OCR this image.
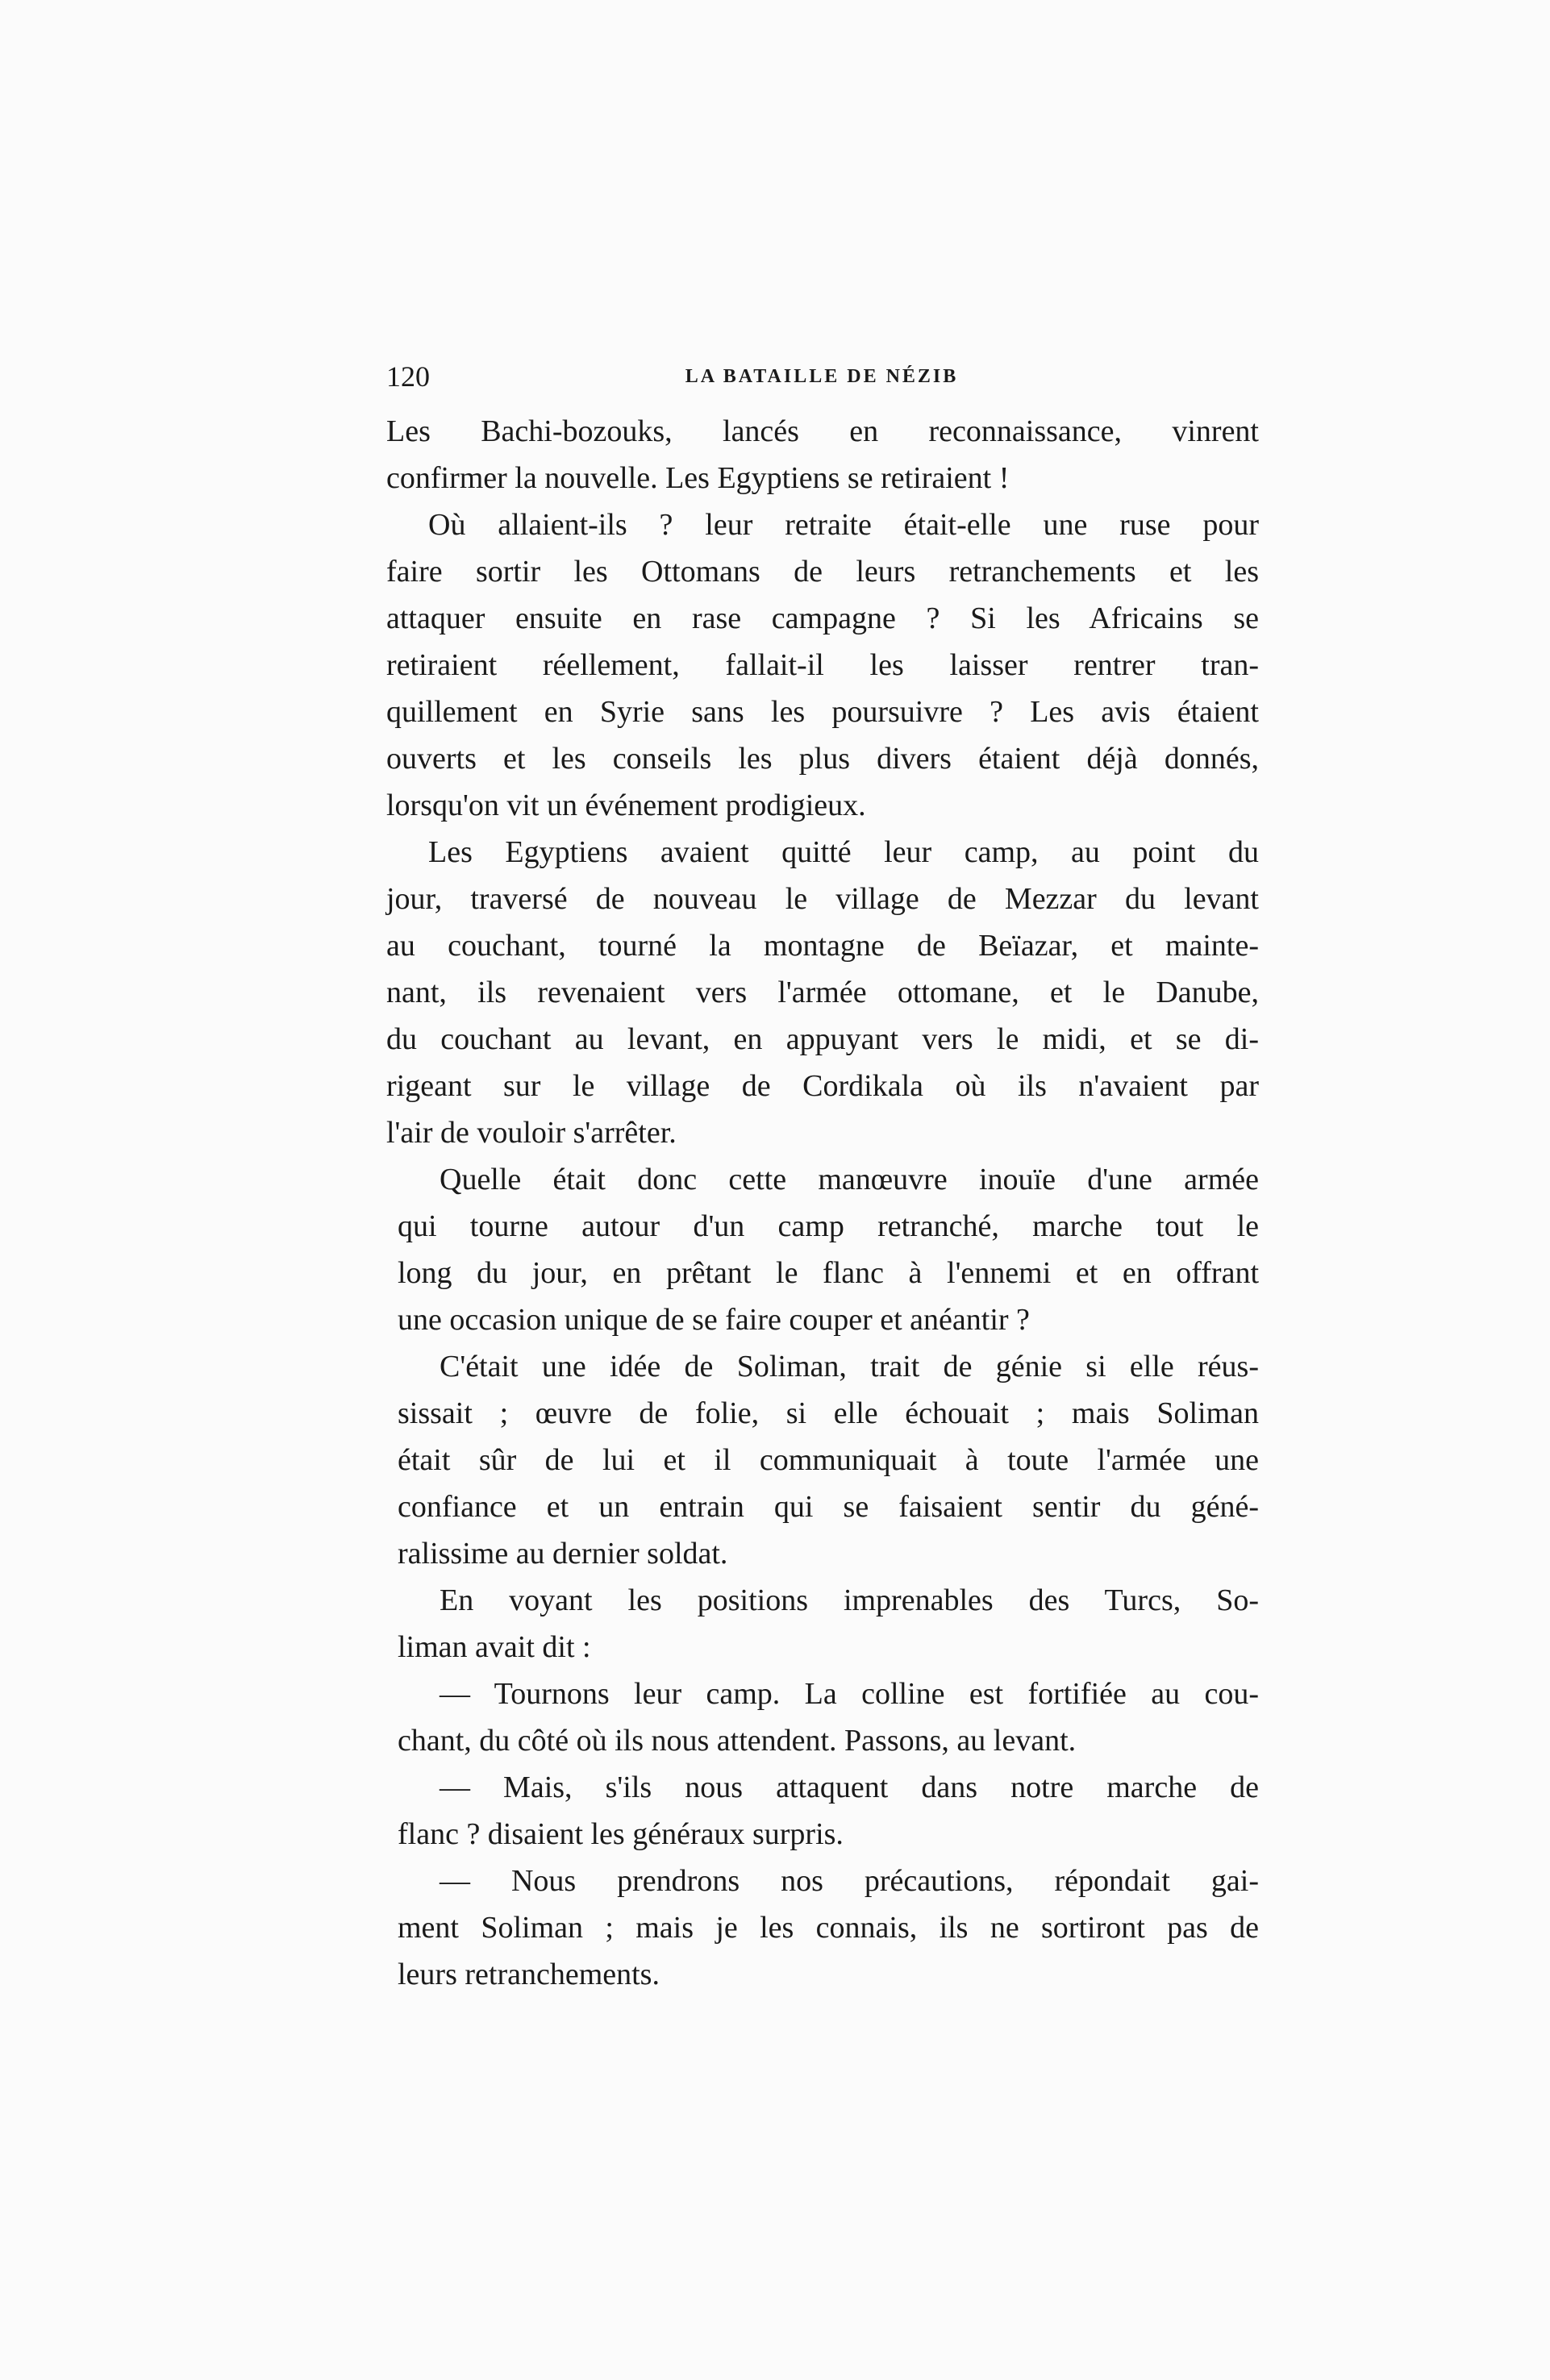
120	LA BATAILLE DE NÉZIB
Les Bachi-bozouks, lancés en reconnaissance, vinrent
confirmer la nouvelle. Les Egyptiens se retiraient !
Où allaient-ils ? leur retraite était-elle une ruse pour
faire sortir les Ottomans de leurs retranchements et les
attaquer ensuite en rase campagne ? Si les Africains se
retiraient réellement, fallait-il les laisser rentrer tran-
quillement en Syrie sans les poursuivre ? Les avis étaient
ouverts et les conseils les plus divers étaient déjà donnés,
lorsqu'on vit un événement prodigieux.
Les Egyptiens avaient quitté leur camp, au point du
jour, traversé de nouveau le village de Mezzar du levant
au couchant, tourné la montagne de Beïazar, et mainte-
nant, ils revenaient vers l'armée ottomane, et le Danube,
du couchant au levant, en appuyant vers le midi, et se di-
rigeant sur le village de Cordikala où ils n'avaient par
l'air de vouloir s'arrêter.
Quelle était donc cette manœuvre inouïe d'une armée
qui tourne autour d'un camp retranché, marche tout le
long du jour, en prêtant le flanc à l'ennemi et en offrant
une occasion unique de se faire couper et anéantir ?
C'était une idée de Soliman, trait de génie si elle réus-
sissait ; œuvre de folie, si elle échouait ; mais Soliman
était sûr de lui et il communiquait à toute l'armée une
confiance et un entrain qui se faisaient sentir du géné-
ralissime au dernier soldat.
En voyant les positions imprenables des Turcs, So-
liman avait dit :
— Tournons leur camp. La colline est fortifiée au cou-
chant, du côté où ils nous attendent. Passons, au levant.
— Mais, s'ils nous attaquent dans notre marche de
flanc ? disaient les généraux surpris.
— Nous prendrons nos précautions, répondait gai-
ment Soliman ; mais je les connais, ils ne sortiront pas de
leurs retranchements.
